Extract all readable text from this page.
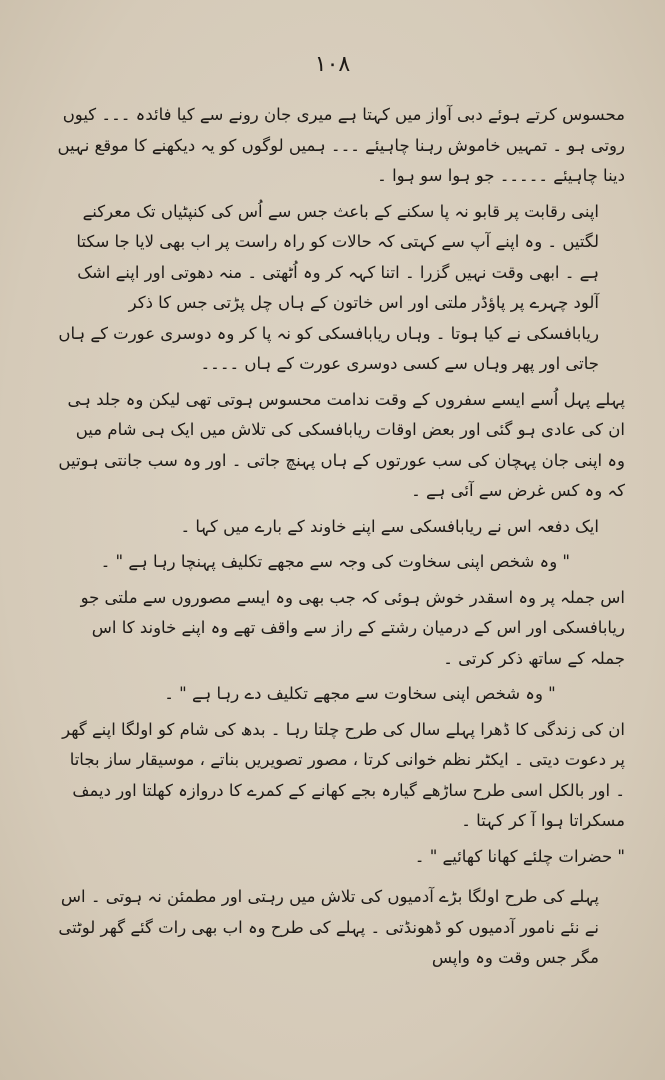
١٠٨

محسوس کرتے ہوئے دبی آواز میں کہتا ہے میری جان رونے سے کیا فائدہ ۔۔۔ کیوں روتی ہو ۔ تمہیں خاموش رہنا چاہیئے ۔۔۔ ہمیں لوگوں کو یہ دیکھنے کا موقع نہیں دینا چاہیئے ۔۔۔۔۔ جو ہوا سو ہوا ۔

اپنی رقابت پر قابو نہ پا سکنے کے باعث جس سے اُس کی کنپٹیاں تک معرکنے لگتیں ۔ وہ اپنے آپ سے کہتی کہ حالات کو راہ راست پر اب بھی لایا جا سکتا ہے ۔ ابھی وقت نہیں گزرا ۔ اتنا کہہ کر وہ اُٹھتی ۔ منہ دھوتی اور اپنے اشک آلود چہرے پر پاؤڈر ملتی اور اس خاتون کے ہاں چل پڑتی جس کا ذکر ریابافسکی نے کیا ہوتا ۔ وہاں ریابافسکی کو نہ پا کر وہ دوسری عورت کے ہاں جاتی اور پھر وہاں سے کسی دوسری عورت کے ہاں ۔۔۔۔

پہلے پہل اُسے ایسے سفروں کے وقت ندامت محسوس ہوتی تھی لیکن وہ جلد ہی ان کی عادی ہو گئی اور بعض اوقات ریابافسکی کی تلاش میں ایک ہی شام میں وہ اپنی جان پہچان کی سب عورتوں کے ہاں پہنچ جاتی ۔ اور وہ سب جانتی ہوتیں کہ وہ کس غرض سے آئی ہے ۔

ایک دفعہ اس نے ریابافسکی سے اپنے خاوند کے بارے میں کہا ۔

" وہ شخص اپنی سخاوت کی وجہ سے مجھے تکلیف پہنچا رہا ہے " ۔

اس جملہ پر وہ اسقدر خوش ہوئی کہ جب بھی وہ ایسے مصوروں سے ملتی جو ریابافسکی اور اس کے درمیان رشتے کے راز سے واقف تھے وہ اپنے خاوند کا اس جملہ کے ساتھ ذکر کرتی ۔

" وہ شخص اپنی سخاوت سے مجھے تکلیف دے رہا ہے " ۔

ان کی زندگی کا ڈھرا پہلے سال کی طرح چلتا رہا ۔ بدھ کی شام کو اولگا اپنے گھر پر دعوت دیتی ۔ ایکٹر نظم خوانی کرتا ، مصور تصویریں بناتے ، موسیقار ساز بجاتا ۔ اور بالکل اسی طرح ساڑھے گیارہ بجے کھانے کے کمرے کا دروازہ کھلتا اور دیمف مسکراتا ہوا آ کر کہتا ۔

" حضرات چلئے کھانا کھائیے " ۔

پہلے کی طرح اولگا بڑے آدمیوں کی تلاش میں رہتی اور مطمئن نہ ہوتی ۔ اس نے نئے نامور آدمیوں کو ڈھونڈتی ۔ پہلے کی طرح وہ اب بھی رات گئے گھر لوٹتی مگر جس وقت وہ واپس
